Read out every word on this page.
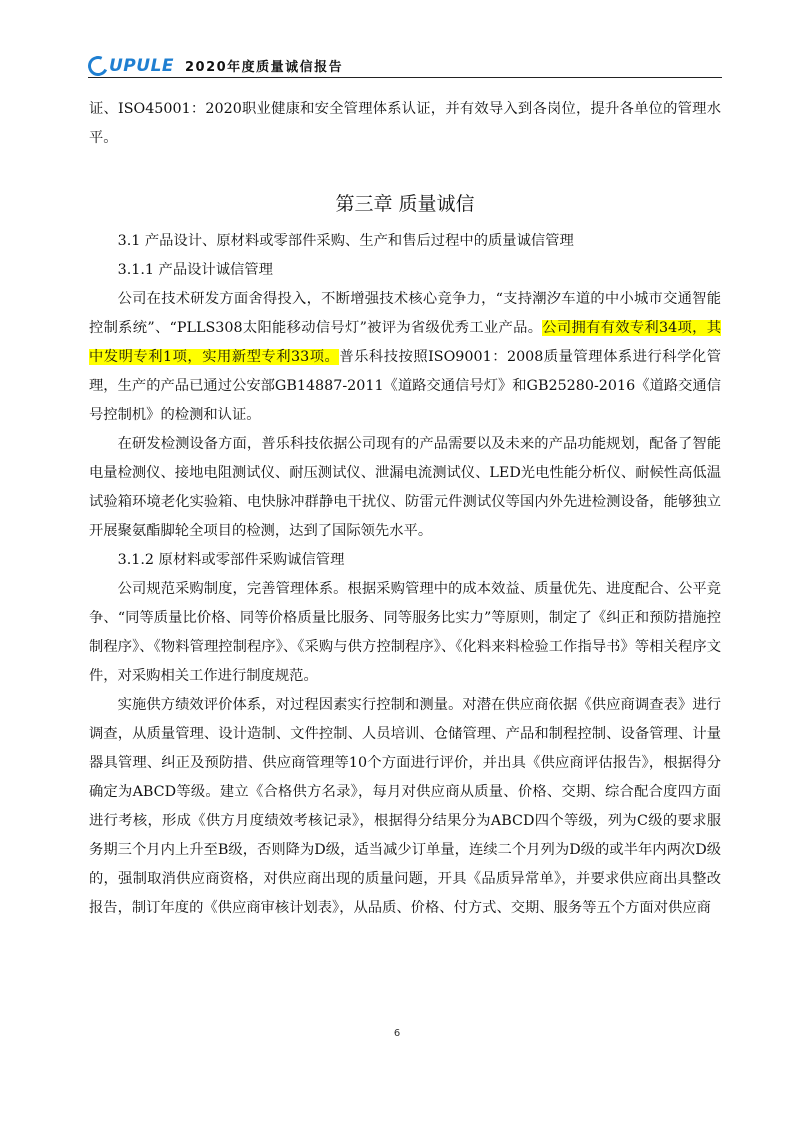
UPULE 2020年度质量诚信报告

证、ISO45001：2020职业健康和安全管理体系认证，并有效导入到各岗位，提升各单位的管理水平。

第三章 质量诚信

3.1 产品设计、原材料或零部件采购、生产和售后过程中的质量诚信管理

3.1.1 产品设计诚信管理

公司在技术研发方面舍得投入，不断增强技术核心竞争力，“支持潮汐车道的中小城市交通智能控制系统”、“PLLS308太阳能移动信号灯”被评为省级优秀工业产品。公司拥有有效专利34项，其中发明专利1项，实用新型专利33项。普乐科技按照ISO9001：2008质量管理体系进行科学化管理，生产的产品已通过公安部GB14887-2011《道路交通信号灯》和GB25280-2016《道路交通信号控制机》的检测和认证。

在研发检测设备方面，普乐科技依据公司现有的产品需要以及未来的产品功能规划，配备了智能电量检测仪、接地电阻测试仪、耐压测试仪、泄漏电流测试仪、LED光电性能分析仪、耐候性高低温试验箱环境老化实验箱、电快脉冲群静电干扰仪、防雷元件测试仪等国内外先进检测设备，能够独立开展聚氨酯脚轮全项目的检测，达到了国际领先水平。

3.1.2 原材料或零部件采购诚信管理

公司规范采购制度，完善管理体系。根据采购管理中的成本效益、质量优先、进度配合、公平竞争、“同等质量比价格、同等价格质量比服务、同等服务比实力”等原则，制定了《纠正和预防措施控制程序》、《物料管理控制程序》、《采购与供方控制程序》、《化料来料检验工作指导书》等相关程序文件，对采购相关工作进行制度规范。

实施供方绩效评价体系，对过程因素实行控制和测量。对潜在供应商依据《供应商调查表》进行调查，从质量管理、设计造制、文件控制、人员培训、仓储管理、产品和制程控制、设备管理、计量器具管理、纠正及预防措、供应商管理等10个方面进行评价，并出具《供应商评估报告》，根据得分确定为ABCD等级。建立《合格供方名录》，每月对供应商从质量、价格、交期、综合配合度四方面进行考核，形成《供方月度绩效考核记录》，根据得分结果分为ABCD四个等级，列为C级的要求服务期三个月内上升至B级，否则降为D级，适当减少订单量，连续二个月列为D级的或半年内两次D级的，强制取消供应商资格，对供应商出现的质量问题，开具《品质异常单》，并要求供应商出具整改报告，制订年度的《供应商审核计划表》，从品质、价格、付方式、交期、服务等五个方面对供应商

6
